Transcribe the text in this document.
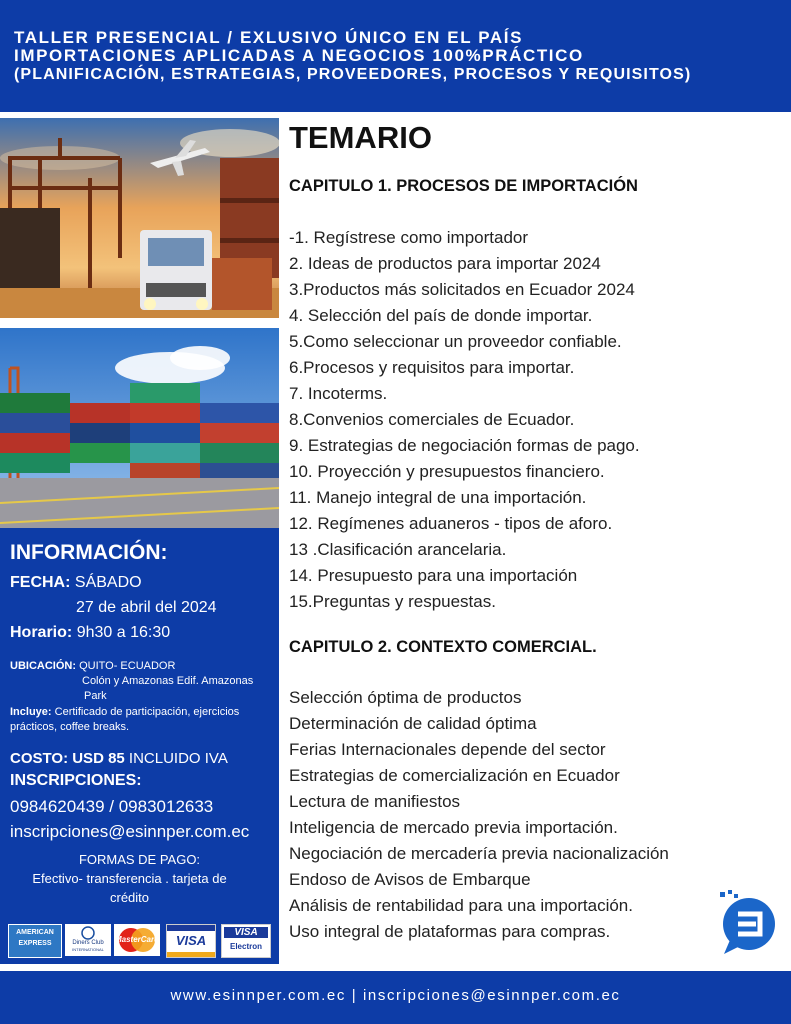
TALLER PRESENCIAL / EXLUSIVO ÚNICO EN EL PAÍS
IMPORTACIONES APLICADAS A NEGOCIOS 100%PRÁCTICO
(PLANIFICACIÓN, ESTRATEGIAS, PROVEEDORES, PROCESOS Y REQUISITOS)
INFORMACIÓN:
FECHA: SÁBADO
27 de abril del 2024
Horario: 9h30 a 16:30
UBICACIÓN: QUITO- ECUADOR
Colón y Amazonas Edif. Amazonas
Park
Incluye: Certificado de participación, ejercicios
prácticos, coffee breaks.
COSTO: USD 85 INCLUIDO IVA
INSCRIPCIONES:
0984620439 / 0983012633
inscripciones@esinnper.com.ec
FORMAS DE PAGO:
Efectivo- transferencia . tarjeta de
crédito
AMERICAN
EXPRESS	Diners Club
INTERNATIONAL
MasterCard	VISA
VISA
Electron
TEMARIO
CAPITULO 1. PROCESOS DE IMPORTACIÓN
-1. Regístrese como importador
2. Ideas de productos para importar 2024
3.Productos más solicitados en Ecuador 2024
4. Selección del país de donde importar.
5.Como seleccionar un proveedor confiable.
6.Procesos y requisitos para importar.
7. Incoterms.
8.Convenios comerciales de Ecuador.
9. Estrategias de negociación formas de pago.
10. Proyección y presupuestos financiero.
11. Manejo integral de una importación.
12. Regímenes aduaneros - tipos de aforo.
13 .Clasificación arancelaria.
14. Presupuesto para una importación
15.Preguntas y respuestas.
CAPITULO 2. CONTEXTO COMERCIAL.
Selección óptima de productos
Determinación de calidad óptima
Ferias Internacionales depende del sector
Estrategias de comercialización en Ecuador
Lectura de manifiestos
Inteligencia de mercado previa importación.
Negociación de mercadería previa nacionalización
Endoso de Avisos de Embarque
Análisis de rentabilidad para una importación.
Uso integral de plataformas para compras.
www.esinnper.com.ec | inscripciones@esinnper.com.ec
